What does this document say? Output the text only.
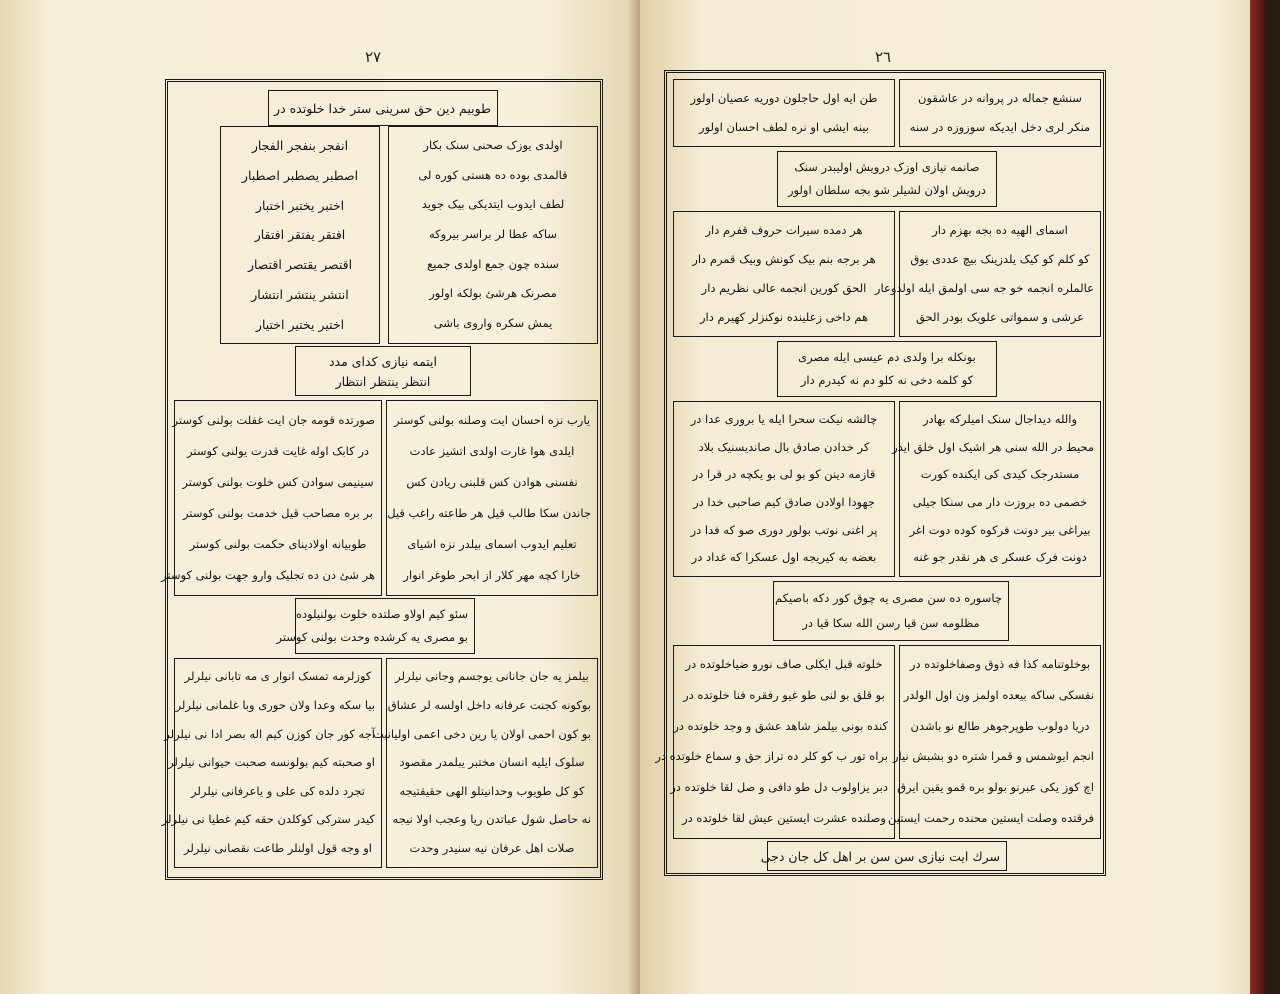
٢٧
طوبیم دین حق سرینی ستر خدا خلوتده در
اولدی یوزک صحنی سنک بکار
قالمدی بوده ده هستی کوره لی
لطف ایدوب ایتدیکی بیک جوید
ساکه عطا لر براسر بیروکه
سنده چون جمع اولدی جمیع
مصرنک هرشئ بولکه اولور
یمش سکره واروی باشی
انفجر بنفجر الفجار
اصطبر یصطبر اصطبار
اختبر یختبر اختبار
افتقر یفتقر افتقار
اقتصر یقتصر اقتصار
انتشر ینتشر انتشار
اختیر یختیر اختیار
ایتمه نیازی کدای مدد
انتظر ینتظر انتظار
یارب نزه احسان ایت وصلنه بولنی کوستر
ایلدی هوا غارت اولدی اتشیز عادت
نفسنی هوادن کس قلبنی ریادن کس
جاندن سکا طالب قیل هر طاعته راغب قیل
تعلیم ایدوب اسمای بیلدر نزه اشیای
خارا کچه مهر کلار از ابحر طوغر انوار
صورتده قومه جان ایت غفلت بولنی کوستر
در کابک اوله غایت قدرت یولنی کوستر
سینیمی سوادن کس خلوت بولنی کوستر
بر بره مصاحب قیل خدمت بولنی کوستر
طوبیانه اولادینای حکمت بولنی کوستر
هر شئ دن ده تجلیک وارو جهت بولنی کوستر
سئو کیم اولاو صلتده خلوت بولنیلوده
بو مصری یه کرشده وحدت بولنی کوستر
بیلمز یه جان جانانی یوجسم وجانی نیلرلر
بوکونه کجنت عرفانه داخل اولسه لر عشاق
بو کون احمی اولان یا رین دخی اعمی اولیانیت
سلوک ایلیه انسان مختبر یبلمدر مقصود
کو کل طویوب وحدانیتلو الهی حقیقتیجه
نه حاصل شول عباتدن ریا وعجب اولا نیجه
صلات اهل عرفان نیه سنیدر وحدت
کوزلرمه تمسک انوار ی مه تابانی نیلرلر
بیا سکه وعدا ولان حوری وبا غلمانی نیلرلر
آجه کور جان کوزن کیم اله بصر ادا نی نیلرلر
او صحبته کیم بولونسه صحبت حیوانی نیلرلر
تجرد دلده کی علی و یاعرفانی نیلرلر
کیدر سترکی کوکلدن حقه کیم غطیا نی نیلرلر
او وجه قول اولنلر طاعت نقصانی نیلرلر
٢٦
سنشع جماله در پروانه در عاشقون
منکر لری دخل ایدیکه سوزوزه در سنه
طن ایه اول حاجلون دوریه عصیان اولور
بینه ایشی او نره لطف احسان اولور
صانمه نیازی اوزک درویش اولیبدر سنک
درویش اولان لشیلر شو بجه سلطان اولور
اسمای الهیه ده بجه بهزم دار
کو کلم کو کیک یلدزینک بیچ عددی یوق
عالملره انجمه خو جه سی اولمق ایله اولدوعار
عرشی و سمواتی علویک بودر الحق
هر دمده سیرات حروف قفرم دار
هر برجه بنم بیک کونش وبیک قمرم دار
الحق کورین انجمه عالی نظریم دار
هم داخی زعلینده نوکنزلر کهیرم دار
بونکله برا ولدی دم عیسی ایله مصری
کو کلمه دخی نه کلو دم نه کیدرم دار
والله دیداجال سنک امیلرکه بهادر
محیط در الله سنی هر اشیک اول خلق ایدر
مستدرجک کیدی کی ایکنده کورت
خصمی ده بروزت دار می سنکا جیلی
بیراغی بیر دونت فرکوه کوده دوت اغر
دونت فرک عسکر ی هر نقدر جو غنه
چالشه نیکت سحرا ایله یا بروری عدا در
کر خدادن صادق بال صاندیسنیک بلاد
قازمه دینن کو بو لی بو یکچه در قرا در
جهودا اولادن صادق کیم صاحبی خدا در
پر اغنی نوتب بولور دوری صو که فدا در
بعضه به کیریجه اول عسکرا که غداد در
چاسوره ده سن مصری یه چوق کور دکه باصیکم
مظلومه سن قیا رسن الله سکا قیا در
بوخلوتنامه کذا فه ذوق وصفاخلوتده در
نفسکی ساکه بیعده اولمز ون اول الولدر
دریا دولوب طوپرجوهر طالع نو باشدن
انجم ایوشمس و قمرا شتره دو بشبش نیار
اچ کوز یکی عبرنو بولو بره قمو یقین ایرق
فرقتده وصلت ایستین محنده رحمت ایستین
خلوته قبل ایکلی صاف نورو ضیاخلوتده در
بو قلق بو لنی طو غیو رفقره فنا خلوتده در
کنده بونی بیلمز شاهد عشق و وجد خلوتده در
براه تور ب کو کلر ده تراز حق و سماع خلوتده در
دبر یزاولوب دل طو دافی و صل لقا خلوتده در
وصلنده عشرت ایستین عیش لقا خلوتده در
سرك ایت نیازی سن سن بر اهل کل جان دجی
